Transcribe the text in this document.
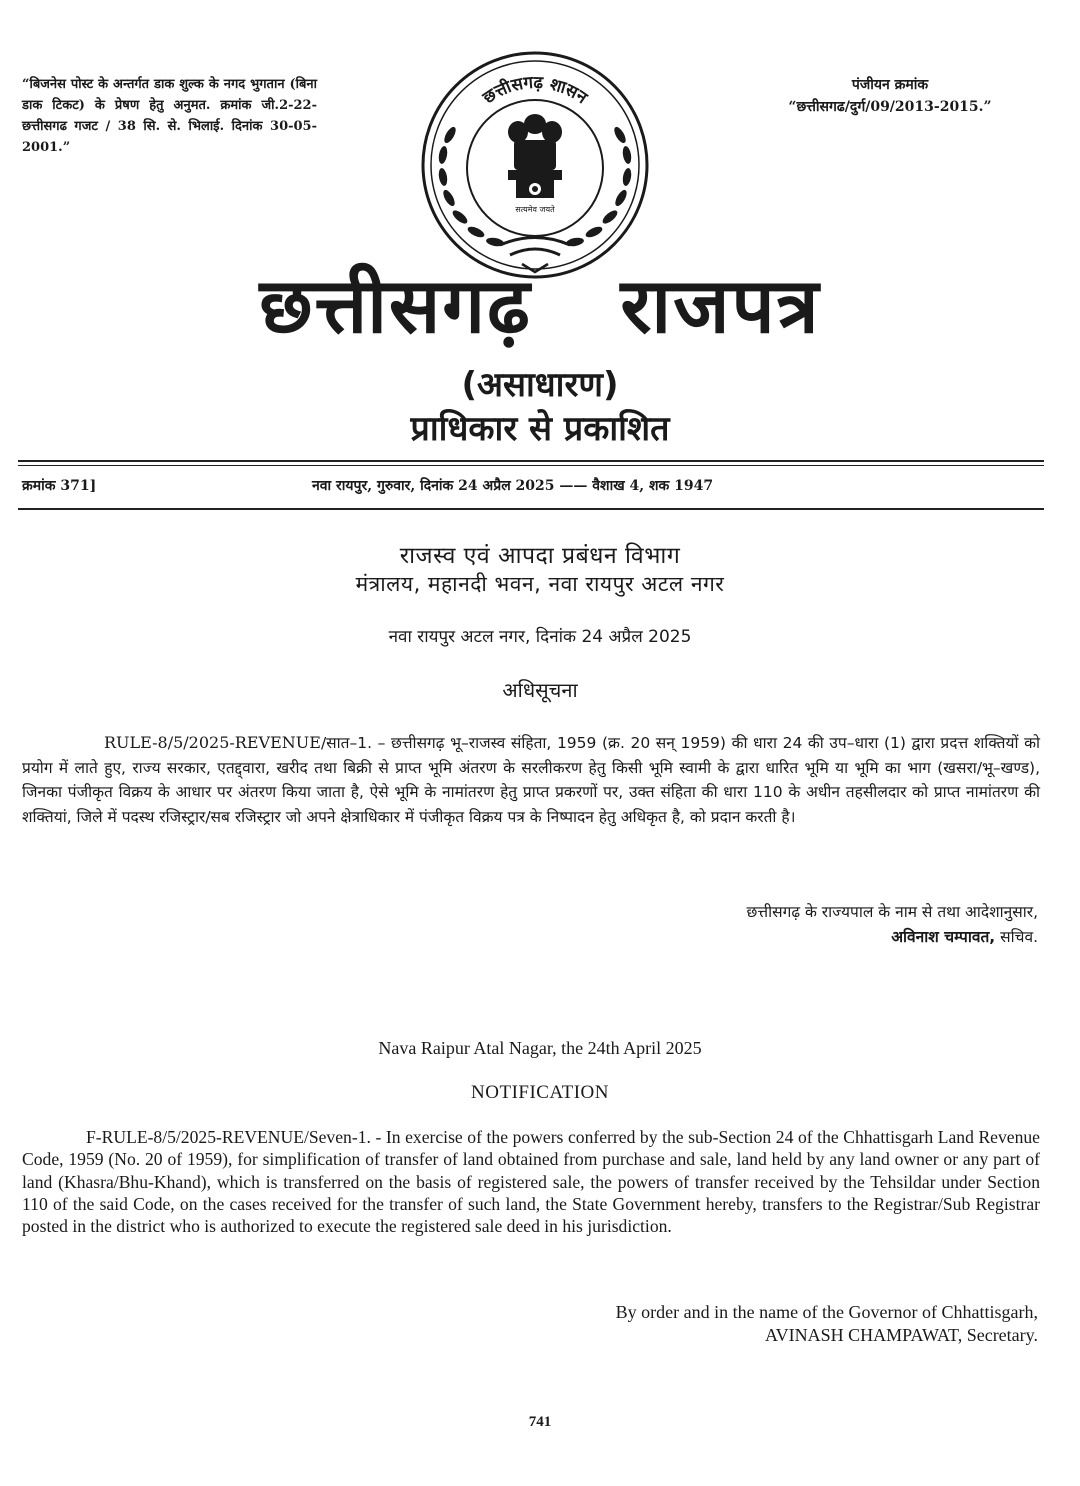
“बिजनेस पोस्ट के अन्तर्गत डाक शुल्क के नगद भुगतान (बिना डाक टिकट) के प्रेषण हेतु अनुमत. क्रमांक जी.2-22-छत्तीसगढ गजट / 38 सि. से. भिलाई. दिनांक 30-05-2001.”
पंजीयन क्रमांक
“छत्तीसगढ/दुर्ग/09/2013-2015.”
छत्तीसगढ़ शासन
सत्यमेव जयते
छत्तीसगढ़ राजपत्र
(असाधारण)
प्राधिकार से प्रकाशित
क्रमांक 371]	नवा रायपुर, गुरुवार, दिनांक 24 अप्रैल 2025 —— वैशाख 4, शक 1947
राजस्व एवं आपदा प्रबंधन विभाग
मंत्रालय, महानदी भवन, नवा रायपुर अटल नगर
नवा रायपुर अटल नगर, दिनांक 24 अप्रैल 2025
अधिसूचना
RULE-8/5/2025-REVENUE/सात–1. – छत्तीसगढ़ भू–राजस्व संहिता, 1959 (क्र. 20 सन् 1959) की धारा 24 की उप–धारा (1) द्वारा प्रदत्त शक्तियों को प्रयोग में लाते हुए, राज्य सरकार, एतद्द्वारा, खरीद तथा बिक्री से प्राप्त भूमि अंतरण के सरलीकरण हेतु किसी भूमि स्वामी के द्वारा धारित भूमि या भूमि का भाग (खसरा/भू–खण्ड), जिनका पंजीकृत विक्रय के आधार पर अंतरण किया जाता है, ऐसे भूमि के नामांतरण हेतु प्राप्त प्रकरणों पर, उक्त संहिता की धारा 110 के अधीन तहसीलदार को प्राप्त नामांतरण की शक्तियां, जिले में पदस्थ रजिस्ट्रार/सब रजिस्ट्रार जो अपने क्षेत्राधिकार में पंजीकृत विक्रय पत्र के निष्पादन हेतु अधिकृत है, को प्रदान करती है।
छत्तीसगढ़ के राज्यपाल के नाम से तथा आदेशानुसार,
अविनाश चम्पावत, सचिव.
Nava Raipur Atal Nagar, the 24th April 2025
NOTIFICATION
F-RULE-8/5/2025-REVENUE/Seven-1. - In exercise of the powers conferred by the sub-Section 24 of the Chhattisgarh Land Revenue Code, 1959 (No. 20 of 1959), for simplification of transfer of land obtained from purchase and sale, land held by any land owner or any part of land (Khasra/Bhu-Khand), which is transferred on the basis of registered sale, the powers of transfer received by the Tehsildar under Section 110 of the said Code, on the cases received for the transfer of such land, the State Government hereby, transfers to the Registrar/Sub Registrar posted in the district who is authorized to execute the registered sale deed in his jurisdiction.
By order and in the name of the Governor of Chhattisgarh,
AVINASH CHAMPAWAT, Secretary.
741
